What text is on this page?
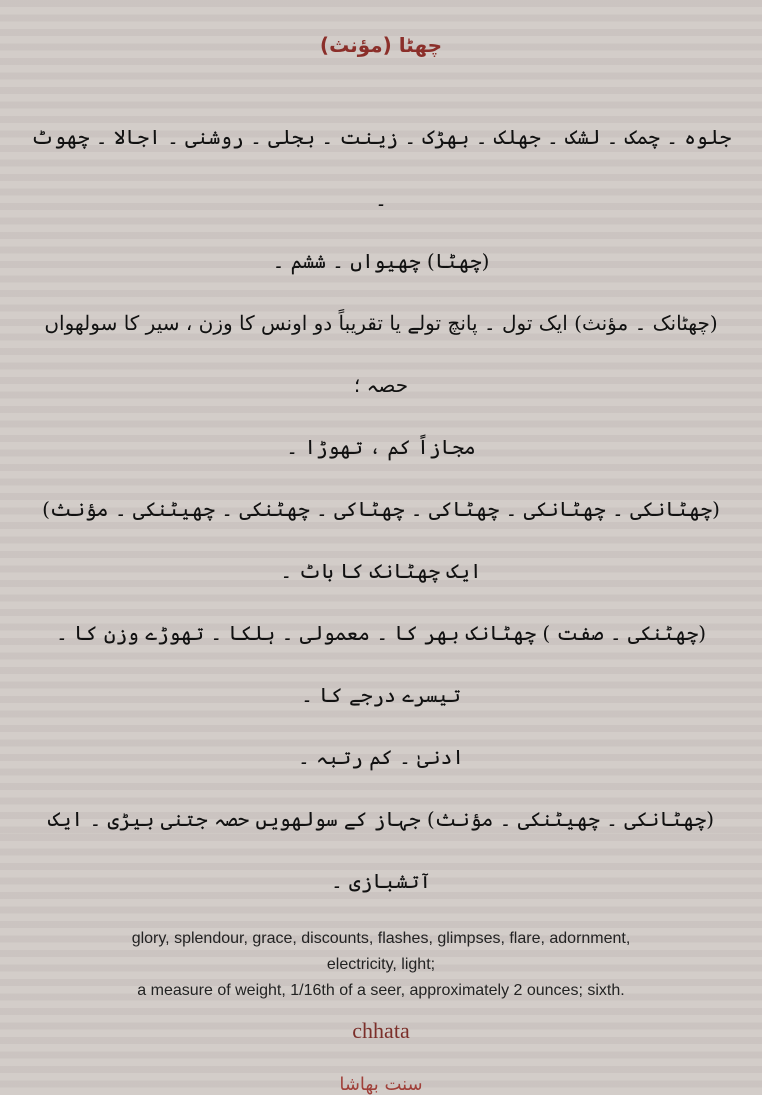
چھٹا (مؤنث)
جلوہ ۔ چمک ۔ لشک ۔ جھلک ۔ بھڑک ۔ زینت ۔ بجلی ۔ روشنی ۔ اجالا ۔ چھوٹ ۔
(چھٹا) چھیواں ۔ ششم ۔
(چھٹانک ۔ مؤنث) ایک تول ۔ پانچ تولے یا تقریباً دو اونس کا وزن ، سیر کا سولھواں حصہ ؛
مجازاً کم ، تھوڑا ۔
(چھٹانکی ۔ چھٹانکی ۔ چھٹاکی ۔ چھٹاکی ۔ چھٹنکی ۔ چھیٹنکی ۔ مؤنث) ایک چھٹانک کا باٹ ۔
(چھٹنکی ۔ صفت ) چھٹانک بھر کا ۔ معمولی ۔ ہلکا ۔ تھوڑے وزن کا ۔ تیسرے درجے کا ۔
ادنیٰ ۔ کم رتبہ ۔
(چھٹانکی ۔ چھیٹنکی ۔ مؤنث) جہاز کے سولھویں حصہ جتنی بیڑی ۔ ایک آتشبازی ۔
glory, splendour, grace, discounts, flashes, glimpses, flare, adornment,
electricity, light;
a measure of weight, 1/16th of a seer, approximately 2 ounces; sixth.
chhata
سنت بھاشا
